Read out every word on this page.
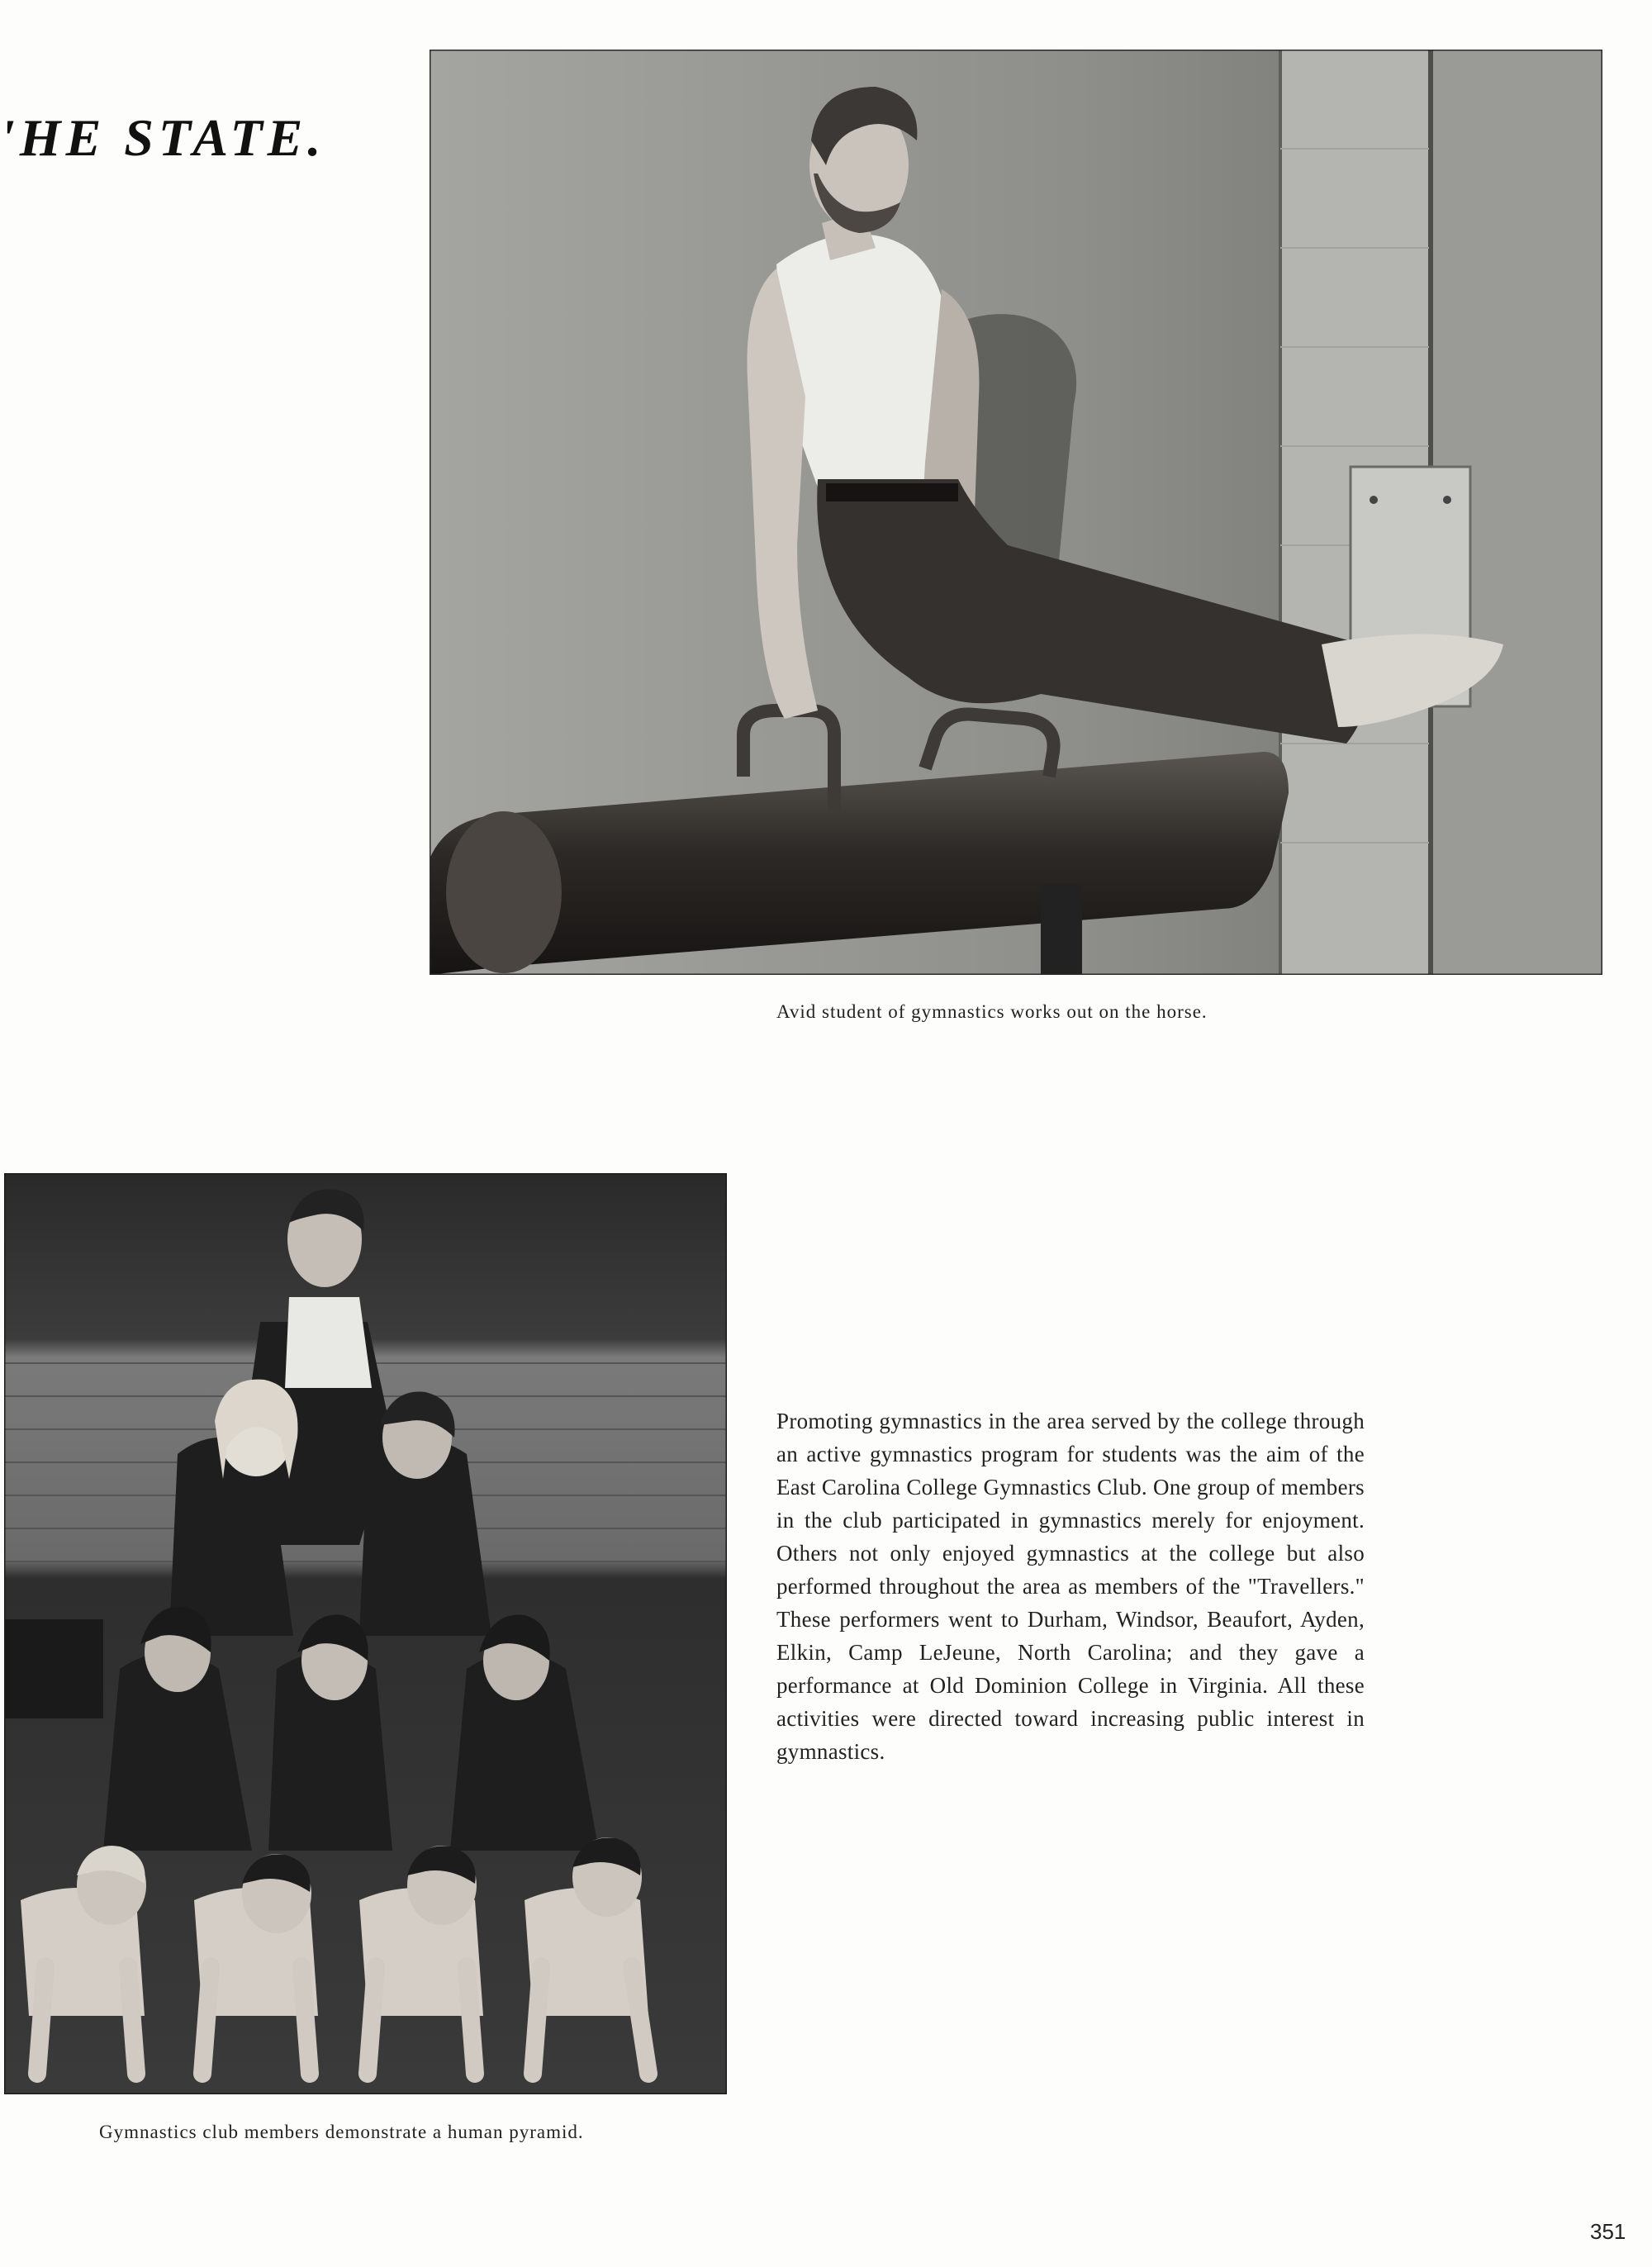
'HE STATE.
Avid student of gymnastics works out on the horse.
Gymnastics club members demonstrate a human pyramid.
Promoting gymnastics in the area served by the college through an active gymnastics program for students was the aim of the East Carolina College Gymnastics Club. One group of members in the club participated in gymnastics merely for enjoyment. Others not only enjoyed gymnastics at the college but also performed throughout the area as members of the "Travellers." These performers went to Durham, Windsor, Beaufort, Ayden, Elkin, Camp LeJeune, North Carolina; and they gave a performance at Old Dominion College in Virginia. All these activities were directed toward increasing public interest in gymnastics.
351
